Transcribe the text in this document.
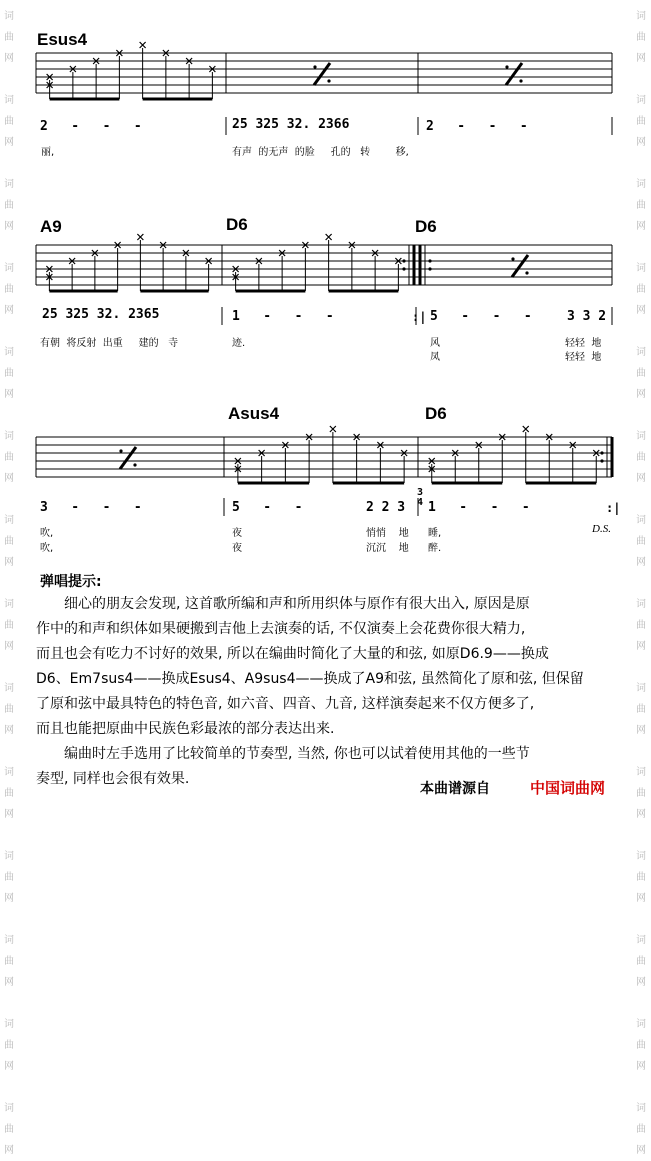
词
曲
网

词
曲
网

词
曲
网

词
曲
网

词
曲
网

词
曲
网

词
曲
网

词
曲
网

词
曲
网

词
曲
网

词
曲
网

词
曲
网

词
曲
网

词
曲
网

词
曲
网

词
曲
网

词
曲
网

词
曲
网

词
曲
网

词
曲
网

词
曲
网

词
曲
网

词
曲
网

词
曲
网

词
曲
网

词
曲
网

词
曲
网

词
曲
网

:|
:|
Esus4
A9	D6	D6
Asus4	D6
2   -   -   -	25 325 32. 2366	2   -   -   -
丽,	有声  的无声  的脸     孔的   转        移,
25 325 32. 2365	1   -   -   -	5   -   -   -	3 3 2
有朝  将反射  出重     建的   寺	迹.	风	轻轻  地
凤	轻轻  地
3   -   -   -	5   -   -	2 2 3
3 4 1   -   -   -
吹,	夜	悄悄    地 睡,
吹,	夜	沉沉    地 醉.
D.S.
弹唱提示:
细心的朋友会发现, 这首歌所编和声和所用织体与原作有很大出入, 原因是原
作中的和声和织体如果硬搬到吉他上去演奏的话, 不仅演奏上会花费你很大精力,
而且也会有吃力不讨好的效果, 所以在编曲时简化了大量的和弦, 如原D6.9——换成
D6、Em7sus4——换成Esus4、A9sus4——换成了A9和弦, 虽然简化了原和弦, 但保留
了原和弦中最具特色的特色音, 如六音、四音、九音, 这样演奏起来不仅方便多了,
而且也能把原曲中民族色彩最浓的部分表达出来.
编曲时左手选用了比较简单的节奏型, 当然, 你也可以试着使用其他的一些节
奏型, 同样也会很有效果.
本曲谱源自	中国词曲网
